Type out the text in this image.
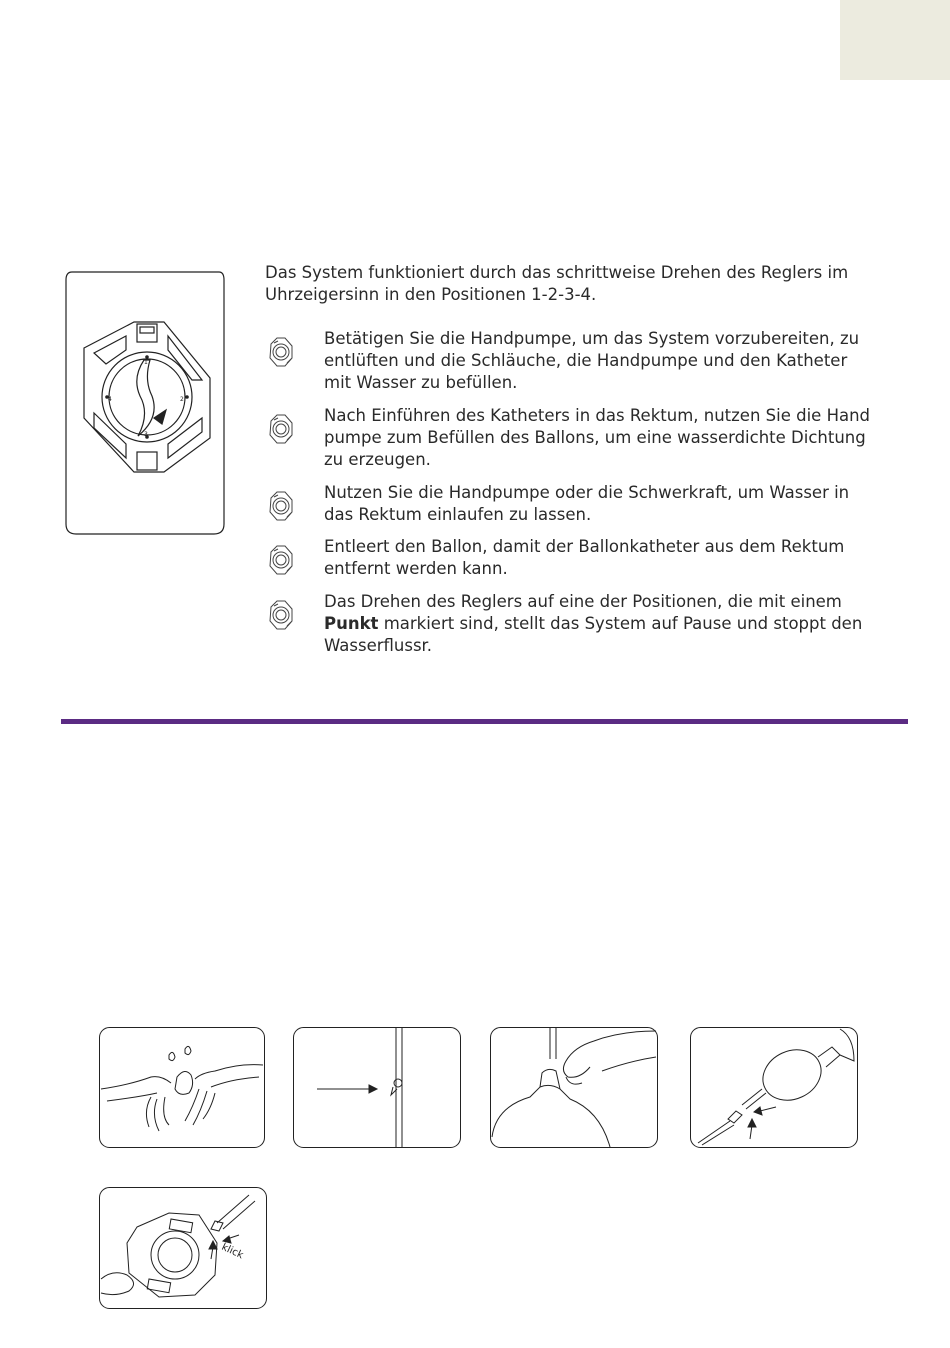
1
2
3
4

Das System funktioniert durch das schrittweise Drehen des Reglers im
Uhrzeigersinn in den Positionen 1-2-3-4.

Betätigen Sie die Handpumpe, um das System vorzubereiten, zu
entlüften und die Schläuche, die Handpumpe und den Katheter
mit Wasser zu befüllen.

Nach Einführen des Katheters in das Rektum, nutzen Sie die Hand
pumpe zum Befüllen des Ballons, um eine wasserdichte Dichtung
zu erzeugen.

Nutzen Sie die Handpumpe oder die Schwerkraft, um Wasser in
das Rektum einlaufen zu lassen.

Entleert den Ballon, damit der Ballonkatheter aus dem Rektum
entfernt werden kann.

Das Drehen des Reglers auf eine der Positionen, die mit einem
Punkt markiert sind, stellt das System auf Pause und stoppt den
Wasserflussr.

klick
